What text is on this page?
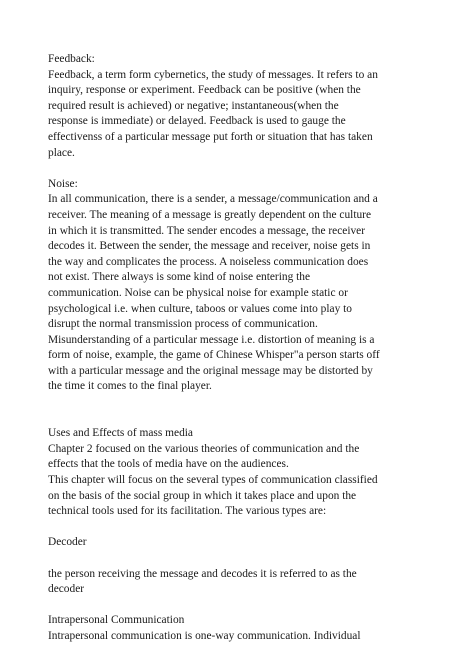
Feedback:
Feedback, a term form cybernetics, the study of messages. It refers to an
inquiry, response or experiment. Feedback can be positive (when the
required result is achieved) or negative; instantaneous(when the
response is immediate) or delayed. Feedback is used to gauge the
effectivenss of a particular message put forth or situation that has taken
place.
Noise:
In all communication, there is a sender, a message/communication and a
receiver. The meaning of a message is greatly dependent on the culture
in which it is transmitted. The sender encodes a message, the receiver
decodes it. Between the sender, the message and receiver, noise gets in
the way and complicates the process. A noiseless communication does
not exist. There always is some kind of noise entering the
communication. Noise can be physical noise for example static or
psychological i.e. when culture, taboos or values come into play to
disrupt the normal transmission process of communication.
Misunderstanding of a particular message i.e. distortion of meaning is a
form of noise, example, the game of Chinese Whisper"a person starts off
with a particular message and the original message may be distorted by
the time it comes to the final player.
Uses and Effects of mass media
Chapter 2 focused on the various theories of communication and the
effects that the tools of media have on the audiences.
This chapter will focus on the several types of communication classified
on the basis of the social group in which it takes place and upon the
technical tools used for its facilitation. The various types are:
Decoder
the person receiving the message and decodes it is referred to as the
decoder
Intrapersonal Communication
Intrapersonal communication is one-way communication. Individual
